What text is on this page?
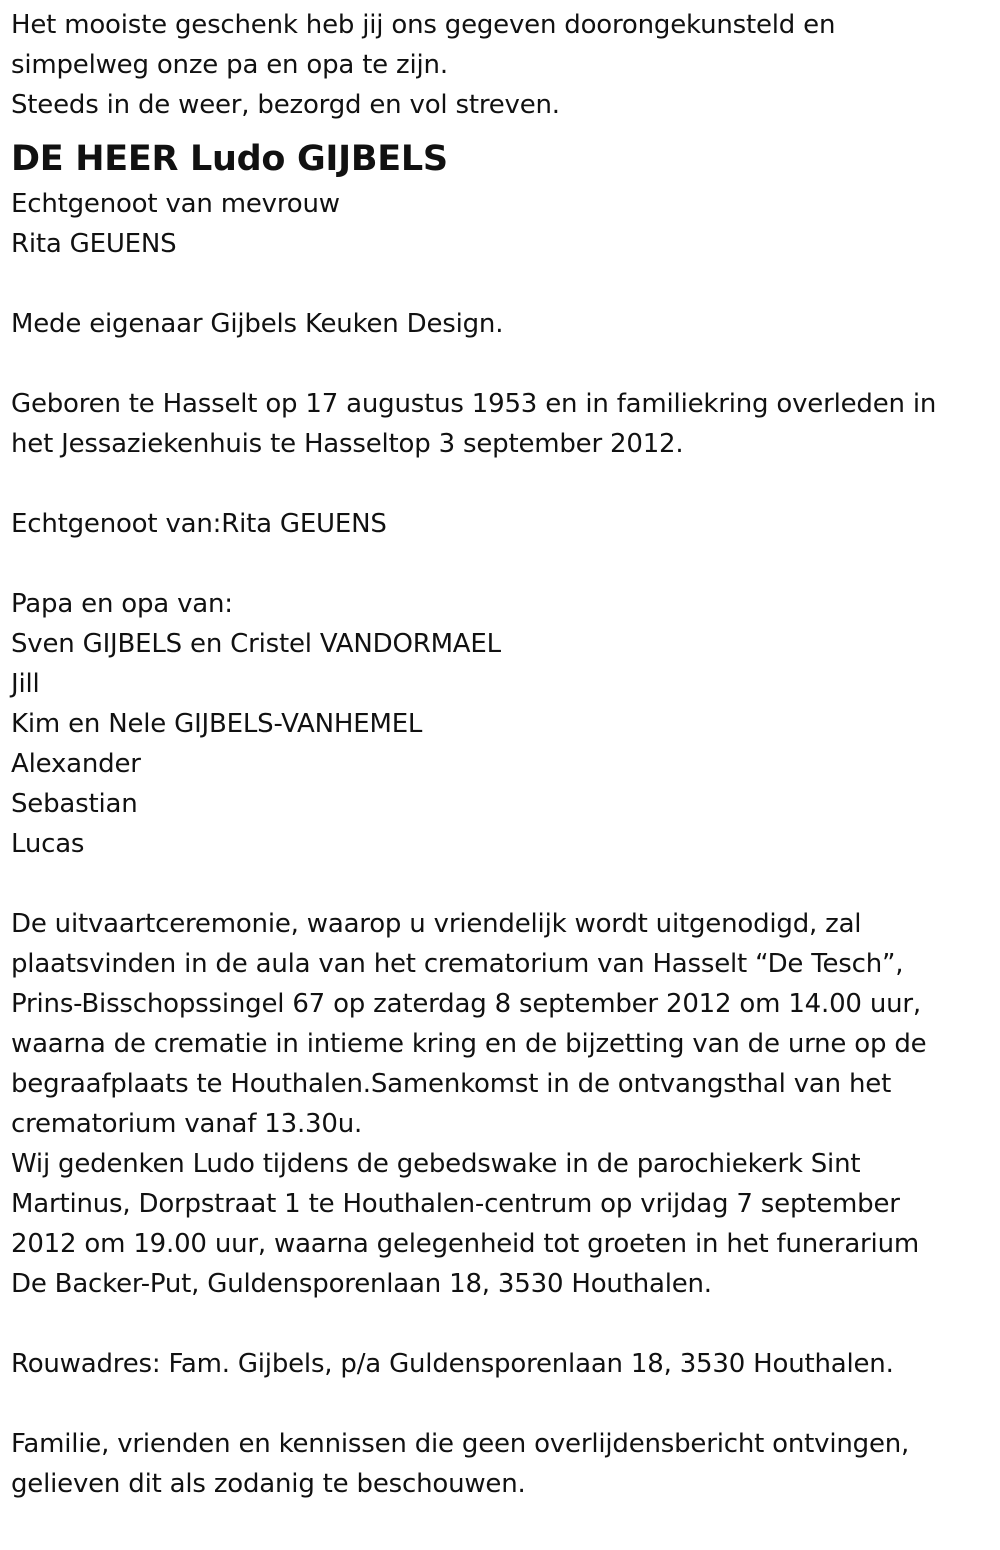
Het mooiste geschenk heb jij ons gegeven doorongekunsteld en
simpelweg onze pa en opa te zijn.
Steeds in de weer, bezorgd en vol streven.
DE HEER Ludo GIJBELS
Echtgenoot van mevrouw
Rita GEUENS
Mede eigenaar Gijbels Keuken Design.
Geboren te Hasselt op 17 augustus 1953 en in familiekring overleden in
het Jessaziekenhuis te Hasseltop 3 september 2012.
Echtgenoot van:Rita GEUENS
Papa en opa van:
Sven GIJBELS en Cristel VANDORMAEL
Jill
Kim en Nele GIJBELS-VANHEMEL
Alexander
Sebastian
Lucas
De uitvaartceremonie, waarop u vriendelijk wordt uitgenodigd, zal
plaatsvinden in de aula van het crematorium van Hasselt “De Tesch”,
Prins-Bisschopssingel 67 op zaterdag 8 september 2012 om 14.00 uur,
waarna de crematie in intieme kring en de bijzetting van de urne op de
begraafplaats te Houthalen.Samenkomst in de ontvangsthal van het
crematorium vanaf 13.30u.
Wij gedenken Ludo tijdens de gebedswake in de parochiekerk Sint
Martinus, Dorpstraat 1 te Houthalen-centrum op vrijdag 7 september
2012 om 19.00 uur, waarna gelegenheid tot groeten in het funerarium
De Backer-Put, Guldensporenlaan 18, 3530 Houthalen.
Rouwadres: Fam. Gijbels, p/a Guldensporenlaan 18, 3530 Houthalen.
Familie, vrienden en kennissen die geen overlijdensbericht ontvingen,
gelieven dit als zodanig te beschouwen.
